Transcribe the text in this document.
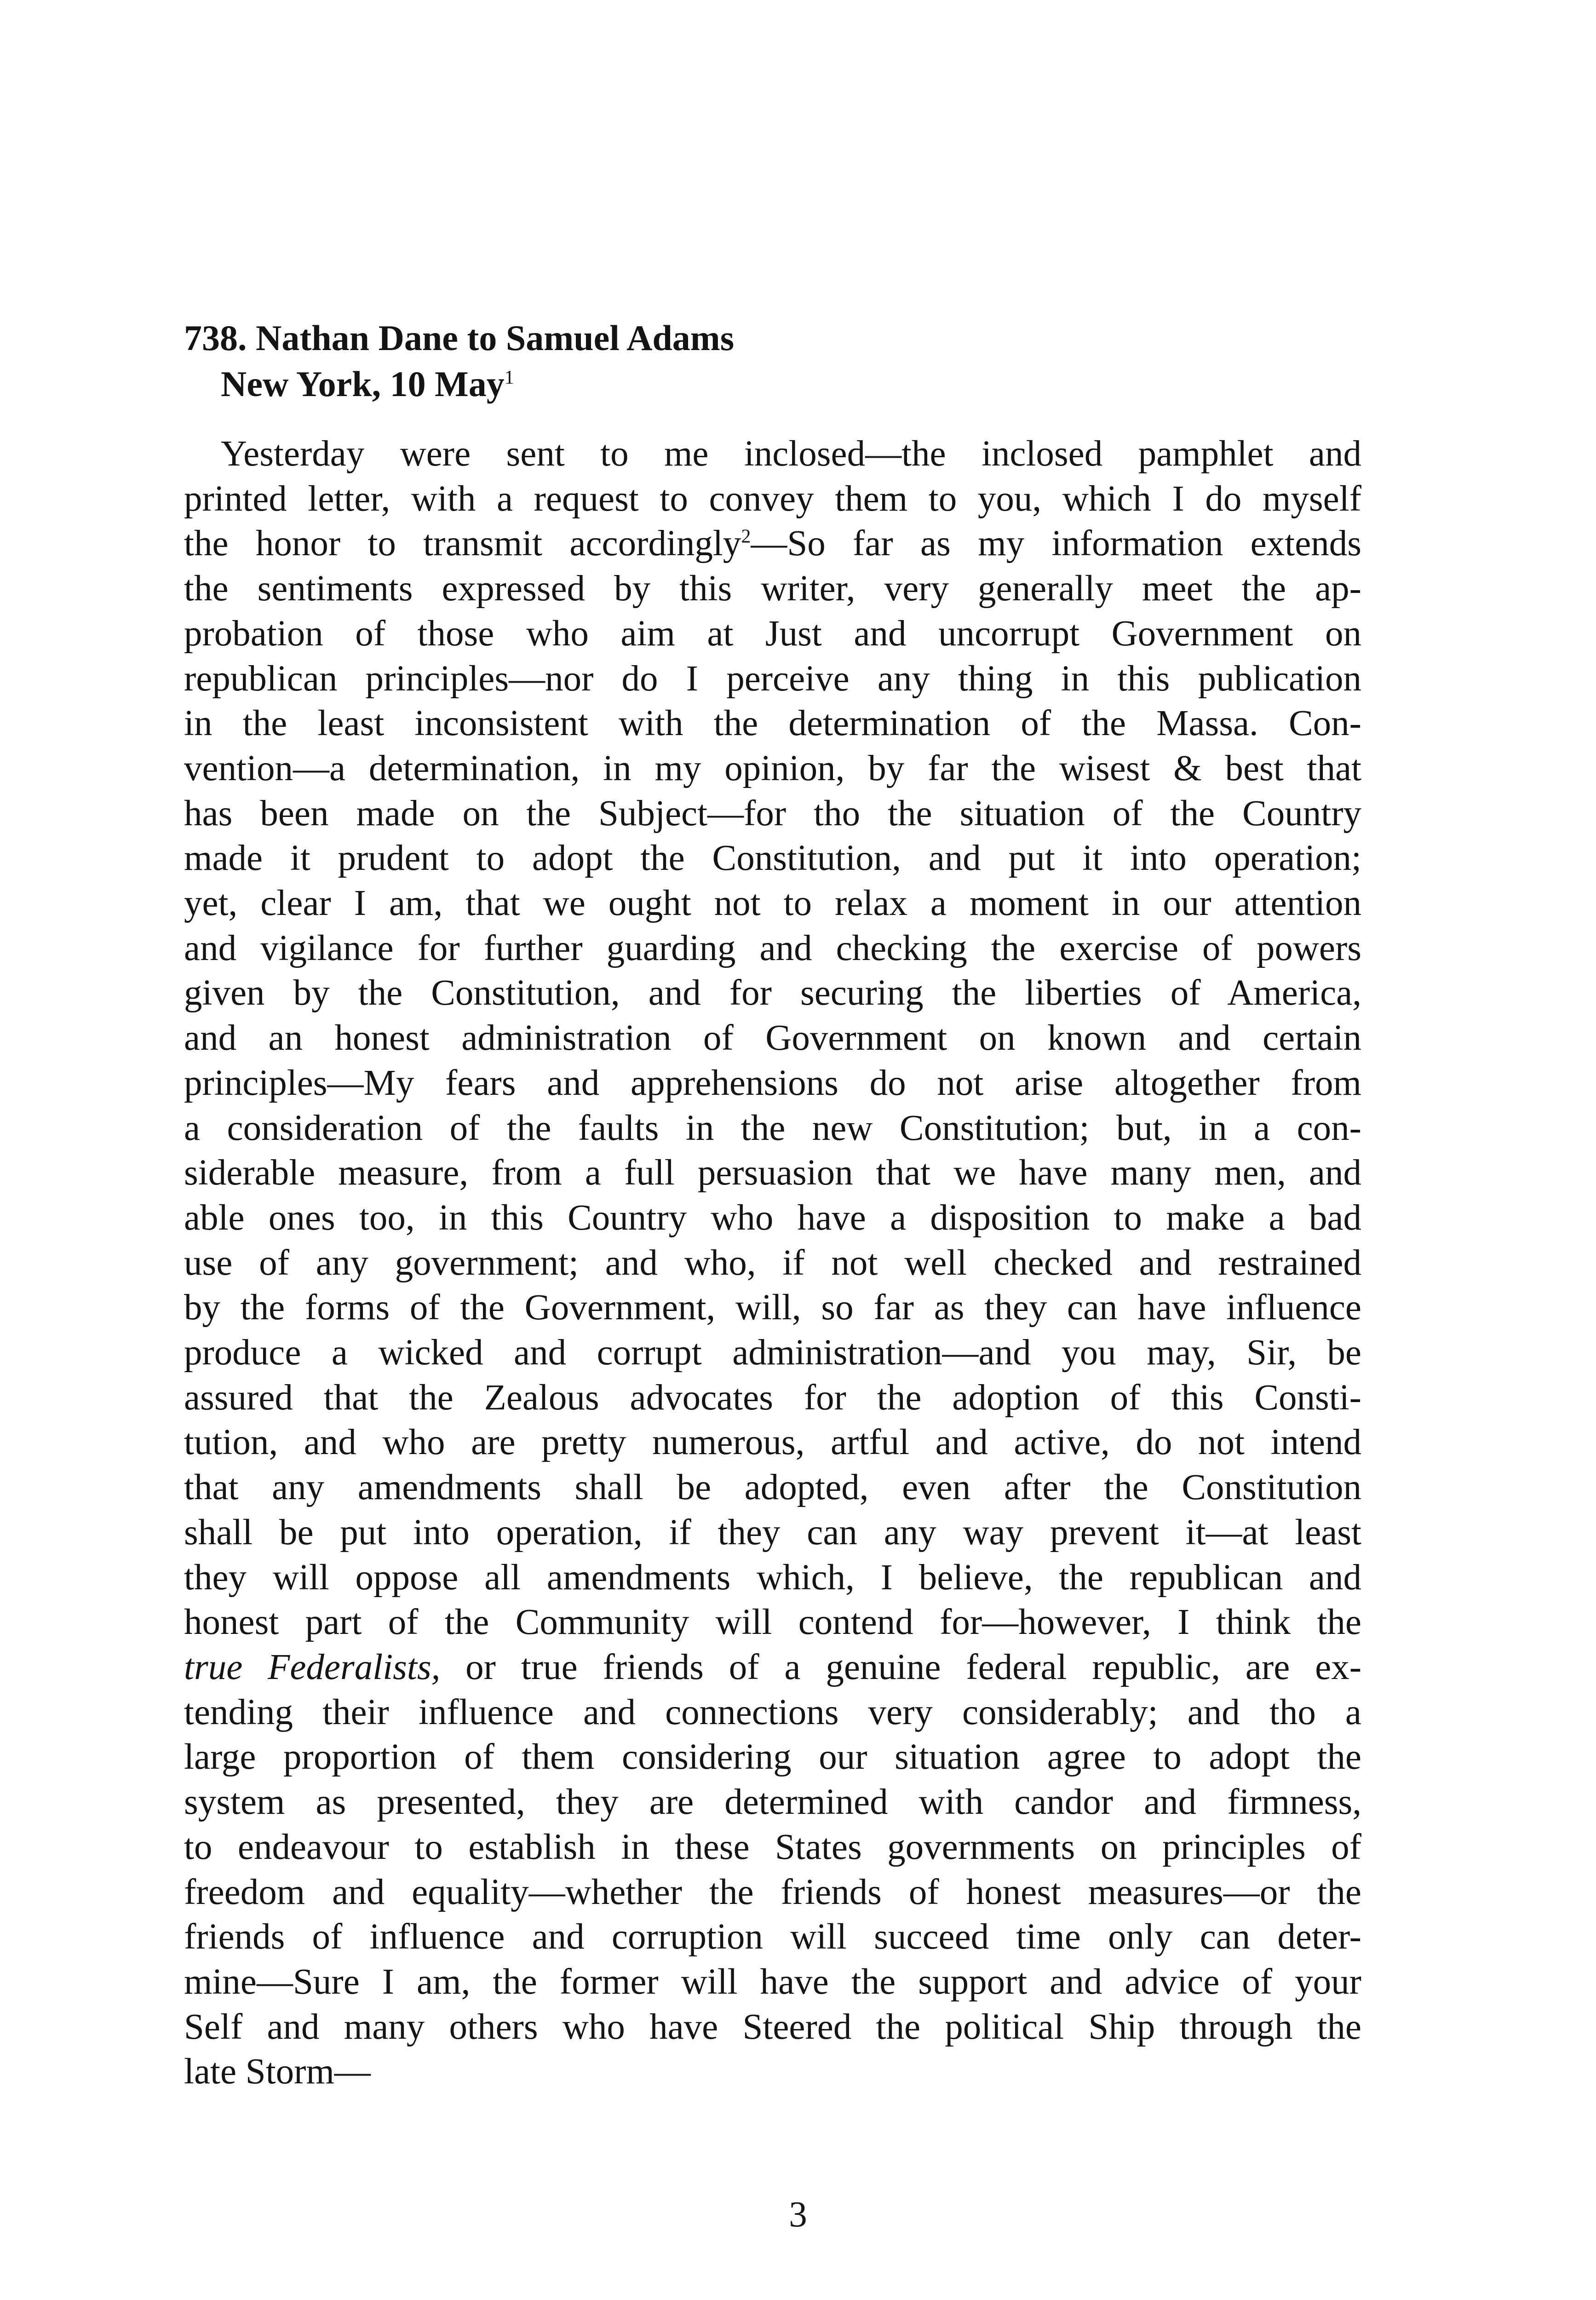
738. Nathan Dane to Samuel Adams
New York, 10 May$^1$
Yesterday were sent to me inclosed—the inclosed pamphlet and
printed letter, with a request to convey them to you, which I do myself
the honor to transmit accordingly$^2$—So far as my information extends
the sentiments expressed by this writer, very generally meet the ap-
probation of those who aim at Just and uncorrupt Government on
republican principles—nor do I perceive any thing in this publication
in the least inconsistent with the determination of the Massa. Con-
vention—a determination, in my opinion, by far the wisest & best that
has been made on the Subject—for tho the situation of the Country
made it prudent to adopt the Constitution, and put it into operation;
yet, clear I am, that we ought not to relax a moment in our attention
and vigilance for further guarding and checking the exercise of powers
given by the Constitution, and for securing the liberties of America,
and an honest administration of Government on known and certain
principles—My fears and apprehensions do not arise altogether from
a consideration of the faults in the new Constitution; but, in a con-
siderable measure, from a full persuasion that we have many men, and
able ones too, in this Country who have a disposition to make a bad
use of any government; and who, if not well checked and restrained
by the forms of the Government, will, so far as they can have influence
produce a wicked and corrupt administration—and you may, Sir, be
assured that the Zealous advocates for the adoption of this Consti-
tution, and who are pretty numerous, artful and active, do not intend
that any amendments shall be adopted, even after the Constitution
shall be put into operation, if they can any way prevent it—at least
they will oppose all amendments which, I believe, the republican and
honest part of the Community will contend for—however, I think the
true Federalists, or true friends of a genuine federal republic, are ex-
tending their influence and connections very considerably; and tho a
large proportion of them considering our situation agree to adopt the
system as presented, they are determined with candor and firmness,
to endeavour to establish in these States governments on principles of
freedom and equality—whether the friends of honest measures—or the
friends of influence and corruption will succeed time only can deter-
mine—Sure I am, the former will have the support and advice of your
Self and many others who have Steered the political Ship through the
late Storm—
3
